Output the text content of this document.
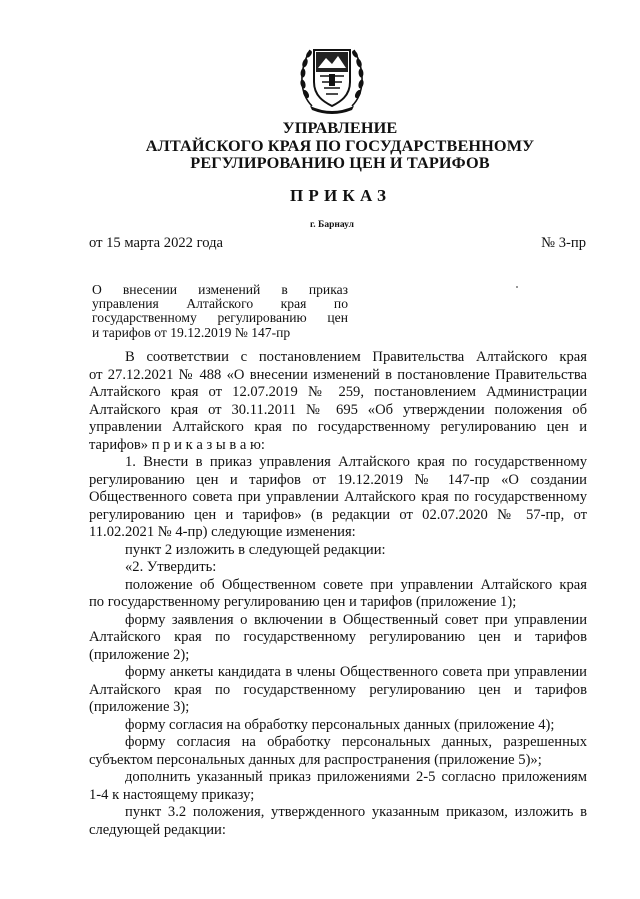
УПРАВЛЕНИЕ
АЛТАЙСКОГО КРАЯ ПО ГОСУДАРСТВЕННОМУ
РЕГУЛИРОВАНИЮ ЦЕН И ТАРИФОВ
ПРИКАЗ
г. Барнаул
от 15 марта 2022 года	№ 3-пр
О внесении изменений в приказ
управления Алтайского края по
государственному регулированию цен
и тарифов от 19.12.2019 № 147-пр
В соответствии с постановлением Правительства Алтайского края
от 27.12.2021 № 488 «О внесении изменений в постановление Правительства
Алтайского края от 12.07.2019 № 259, постановлением Администрации
Алтайского края от 30.11.2011 № 695 «Об утверждении положения об
управлении Алтайского края по государственному регулированию цен и
тарифов» п р и к а з ы в а ю:
1. Внести в приказ управления Алтайского края по государственному
регулированию цен и тарифов от 19.12.2019 № 147-пр «О создании
Общественного совета при управлении Алтайского края по государственному
регулированию цен и тарифов» (в редакции от 02.07.2020 № 57-пр, от
11.02.2021 № 4-пр) следующие изменения:
пункт 2 изложить в следующей редакции:
«2. Утвердить:
положение об Общественном совете при управлении Алтайского края
по государственному регулированию цен и тарифов (приложение 1);
форму заявления о включении в Общественный совет при управлении
Алтайского края по государственному регулированию цен и тарифов
(приложение 2);
форму анкеты кандидата в члены Общественного совета при управлении
Алтайского края по государственному регулированию цен и тарифов
(приложение 3);
форму согласия на обработку персональных данных (приложение 4);
форму согласия на обработку персональных данных, разрешенных
субъектом персональных данных для распространения (приложение 5)»;
дополнить указанный приказ приложениями 2-5 согласно приложениям
1-4 к настоящему приказу;
пункт 3.2 положения, утвержденного указанным приказом, изложить в
следующей редакции:
